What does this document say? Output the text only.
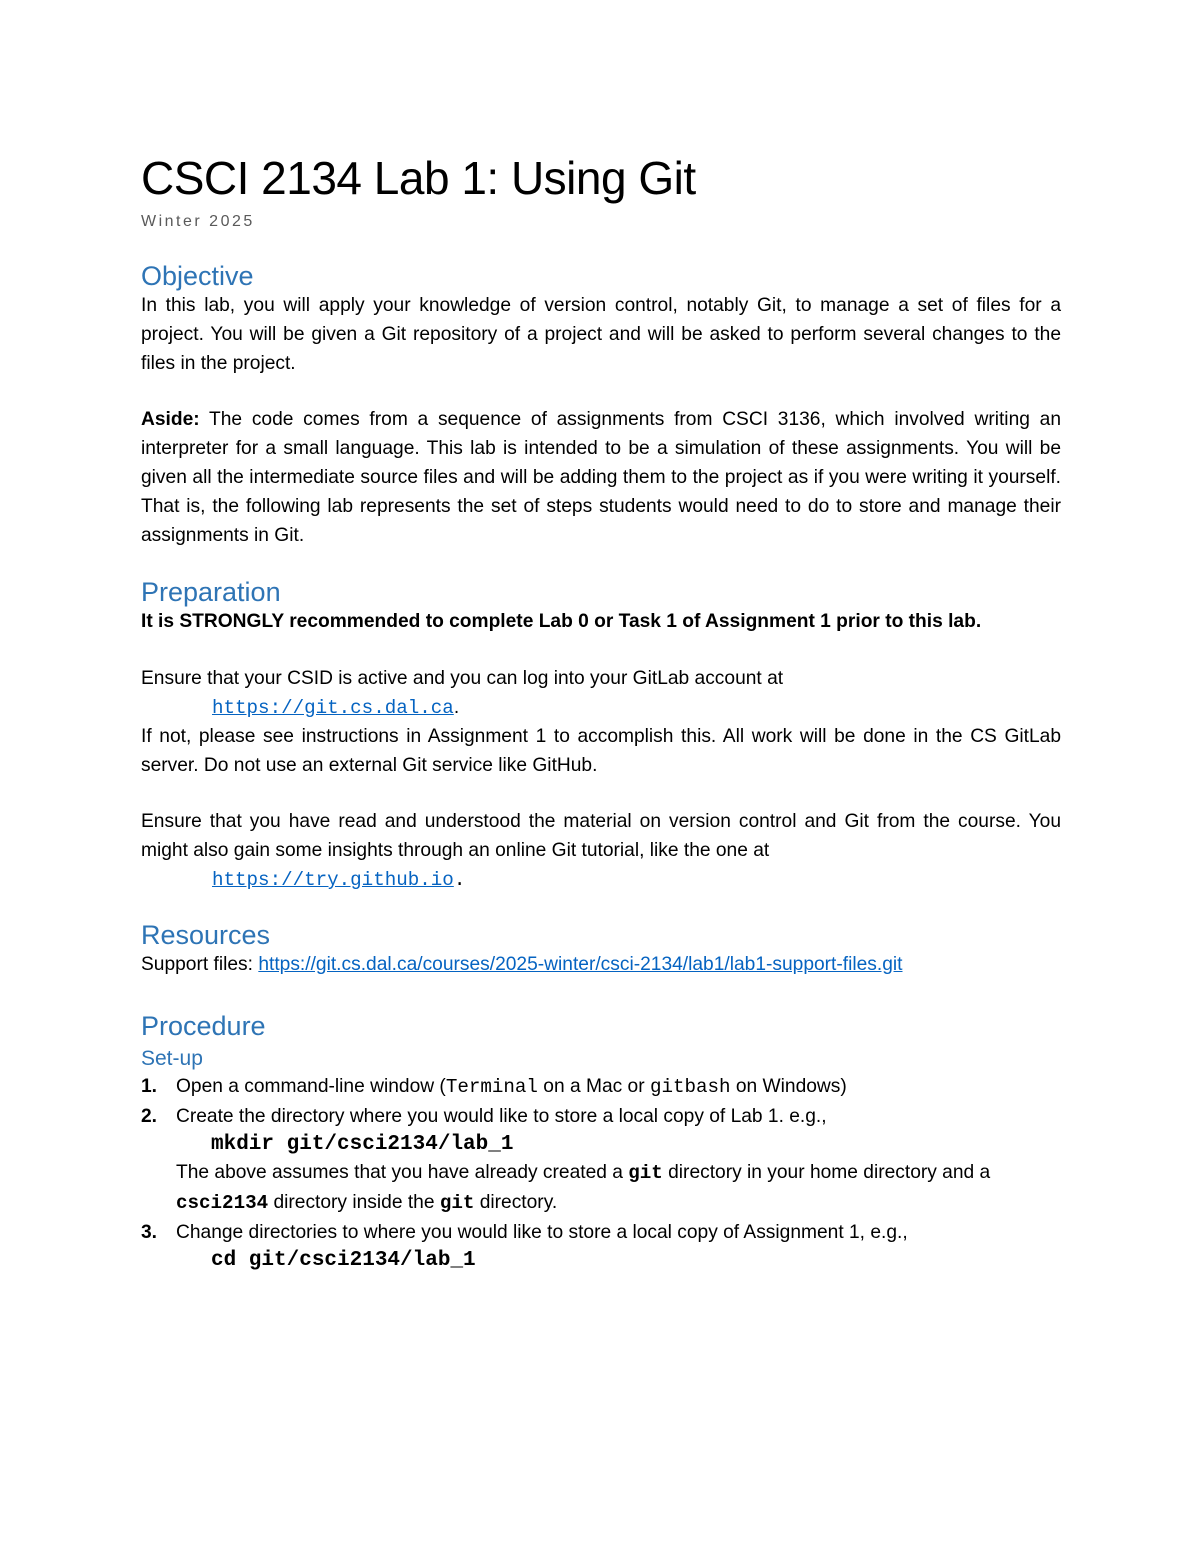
CSCI 2134 Lab 1: Using Git
Winter 2025
Objective

In this lab, you will apply your knowledge of version control, notably Git, to manage a set of files for a project. You will be given a Git repository of a project and will be asked to perform several changes to the files in the project.

Aside: The code comes from a sequence of assignments from CSCI 3136, which involved writing an interpreter for a small language. This lab is intended to be a simulation of these assignments. You will be given all the intermediate source files and will be adding them to the project as if you were writing it yourself. That is, the following lab represents the set of steps students would need to do to store and manage their assignments in Git.

Preparation

It is STRONGLY recommended to complete Lab 0 or Task 1 of Assignment 1 prior to this lab.

Ensure that your CSID is active and you can log into your GitLab account at

https://git.cs.dal.ca.

If not, please see instructions in Assignment 1 to accomplish this. All work will be done in the CS GitLab server. Do not use an external Git service like GitHub.

Ensure that you have read and understood the material on version control and Git from the course. You might also gain some insights through an online Git tutorial, like the one at

https://try.github.io.

Resources

Support files: https://git.cs.dal.ca/courses/2025-winter/csci-2134/lab1/lab1-support-files.git

Procedure
Set-up
1. Open a command-line window (Terminal on a Mac or gitbash on Windows)
2. Create the directory where you would like to store a local copy of Lab 1. e.g.,
mkdir git/csci2134/lab_1
The above assumes that you have already created a git directory in your home directory and a csci2134 directory inside the git directory.
3. Change directories to where you would like to store a local copy of Assignment 1, e.g.,
cd git/csci2134/lab_1
